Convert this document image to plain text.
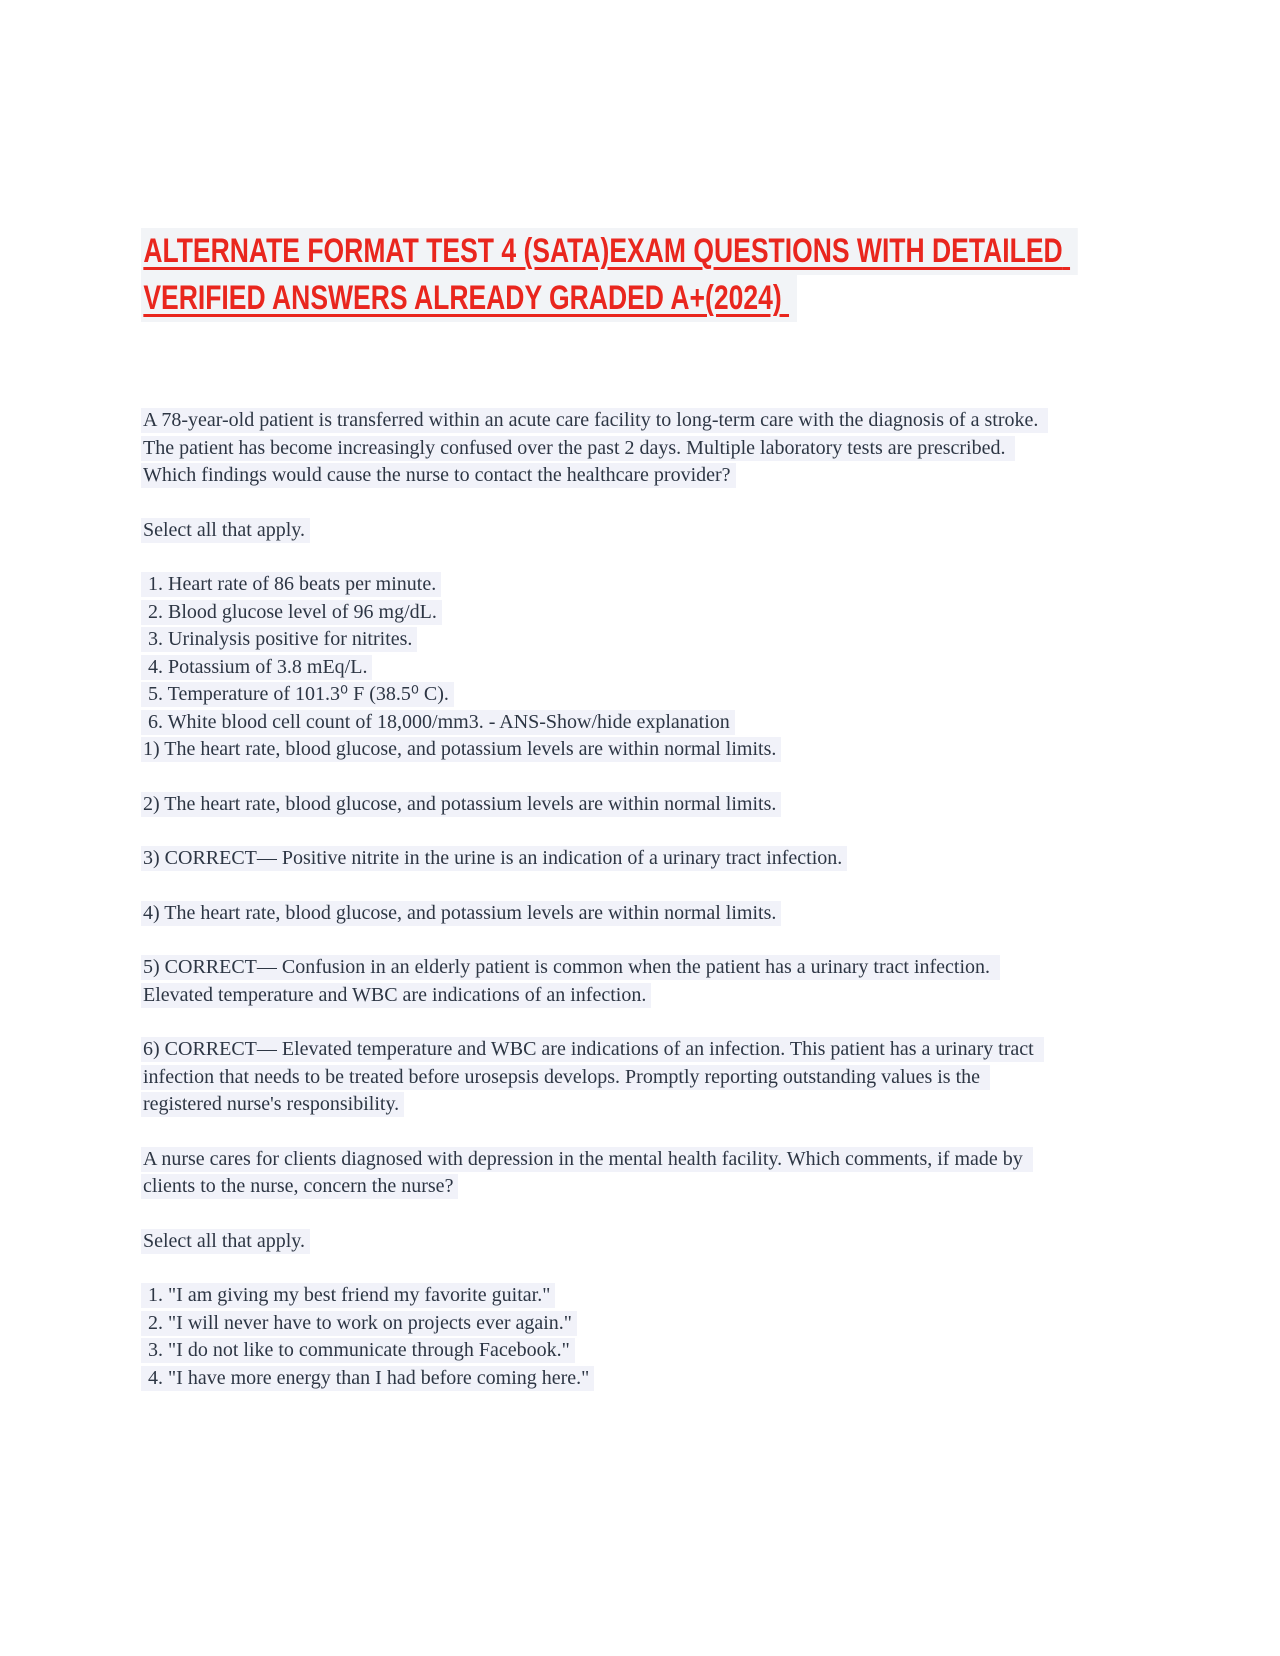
ALTERNATE FORMAT TEST 4 (SATA)EXAM QUESTIONS WITH DETAILED VERIFIED ANSWERS ALREADY GRADED A+(2024)

A 78-year-old patient is transferred within an acute care facility to long-term care with the diagnosis of a stroke. The patient has become increasingly confused over the past 2 days. Multiple laboratory tests are prescribed. Which findings would cause the nurse to contact the healthcare provider?

Select all that apply.

1. Heart rate of 86 beats per minute.
2. Blood glucose level of 96 mg/dL.
3. Urinalysis positive for nitrites.
4. Potassium of 3.8 mEq/L.
5. Temperature of 101.3⁰ F (38.5⁰ C).
6. White blood cell count of 18,000/mm3. - ANS-Show/hide explanation
1) The heart rate, blood glucose, and potassium levels are within normal limits.

2) The heart rate, blood glucose, and potassium levels are within normal limits.

3) CORRECT— Positive nitrite in the urine is an indication of a urinary tract infection.

4) The heart rate, blood glucose, and potassium levels are within normal limits.

5) CORRECT— Confusion in an elderly patient is common when the patient has a urinary tract infection. Elevated temperature and WBC are indications of an infection.

6) CORRECT— Elevated temperature and WBC are indications of an infection. This patient has a urinary tract infection that needs to be treated before urosepsis develops. Promptly reporting outstanding values is the registered nurse's responsibility.

A nurse cares for clients diagnosed with depression in the mental health facility. Which comments, if made by clients to the nurse, concern the nurse?

Select all that apply.

1. "I am giving my best friend my favorite guitar."
2. "I will never have to work on projects ever again."
3. "I do not like to communicate through Facebook."
4. "I have more energy than I had before coming here."
